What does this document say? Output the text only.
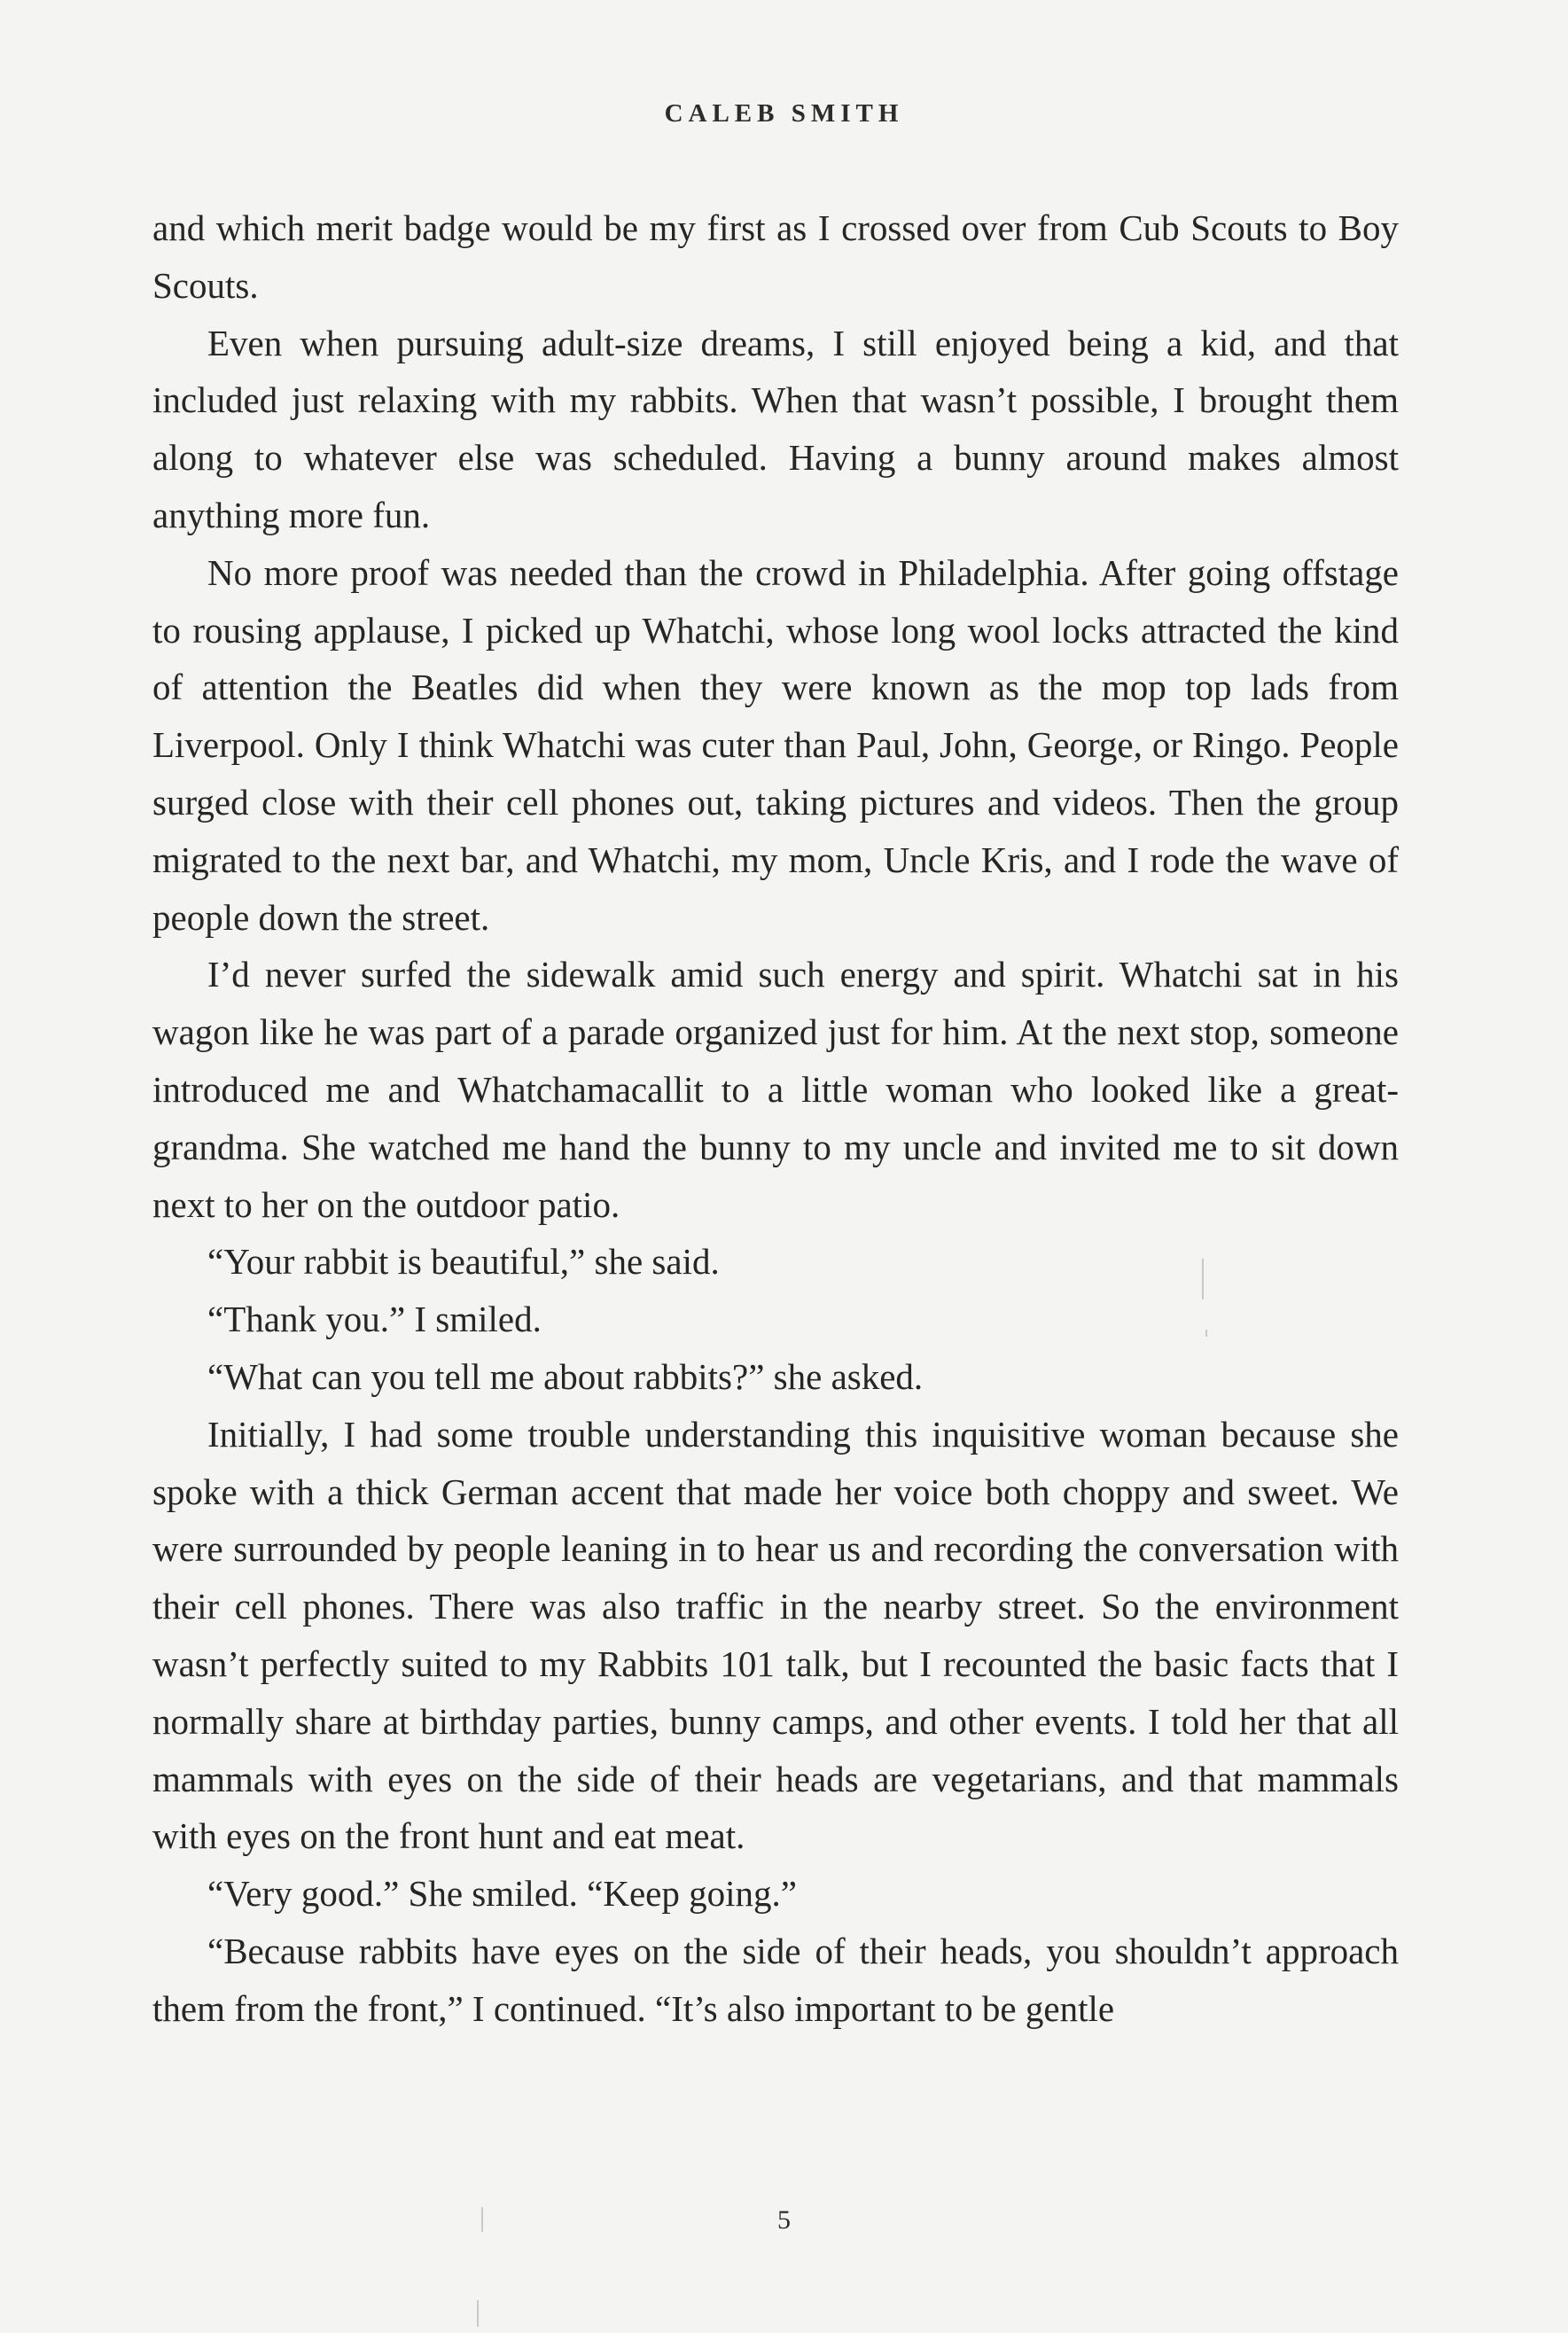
CALEB SMITH

and which merit badge would be my first as I crossed over from Cub Scouts to Boy Scouts.

Even when pursuing adult-size dreams, I still enjoyed being a kid, and that included just relaxing with my rabbits. When that wasn’t possible, I brought them along to whatever else was scheduled. Having a bunny around makes almost anything more fun.

No more proof was needed than the crowd in Philadelphia. After going offstage to rousing applause, I picked up Whatchi, whose long wool locks attracted the kind of attention the Beatles did when they were known as the mop top lads from Liverpool. Only I think Whatchi was cuter than Paul, John, George, or Ringo. People surged close with their cell phones out, taking pictures and videos. Then the group migrated to the next bar, and Whatchi, my mom, Uncle Kris, and I rode the wave of people down the street.

I’d never surfed the sidewalk amid such energy and spirit. Whatchi sat in his wagon like he was part of a parade organized just for him. At the next stop, someone introduced me and Whatchamacallit to a little woman who looked like a great-grandma. She watched me hand the bunny to my uncle and invited me to sit down next to her on the outdoor patio.

“Your rabbit is beautiful,” she said.

“Thank you.” I smiled.

“What can you tell me about rabbits?” she asked.

Initially, I had some trouble understanding this inquisitive woman because she spoke with a thick German accent that made her voice both choppy and sweet. We were surrounded by people leaning in to hear us and recording the conversation with their cell phones. There was also traffic in the nearby street. So the environment wasn’t perfectly suited to my Rabbits 101 talk, but I recounted the basic facts that I normally share at birthday parties, bunny camps, and other events. I told her that all mammals with eyes on the side of their heads are vegetarians, and that mammals with eyes on the front hunt and eat meat.

“Very good.” She smiled. “Keep going.”

“Because rabbits have eyes on the side of their heads, you shouldn’t approach them from the front,” I continued. “It’s also important to be gentle

5
